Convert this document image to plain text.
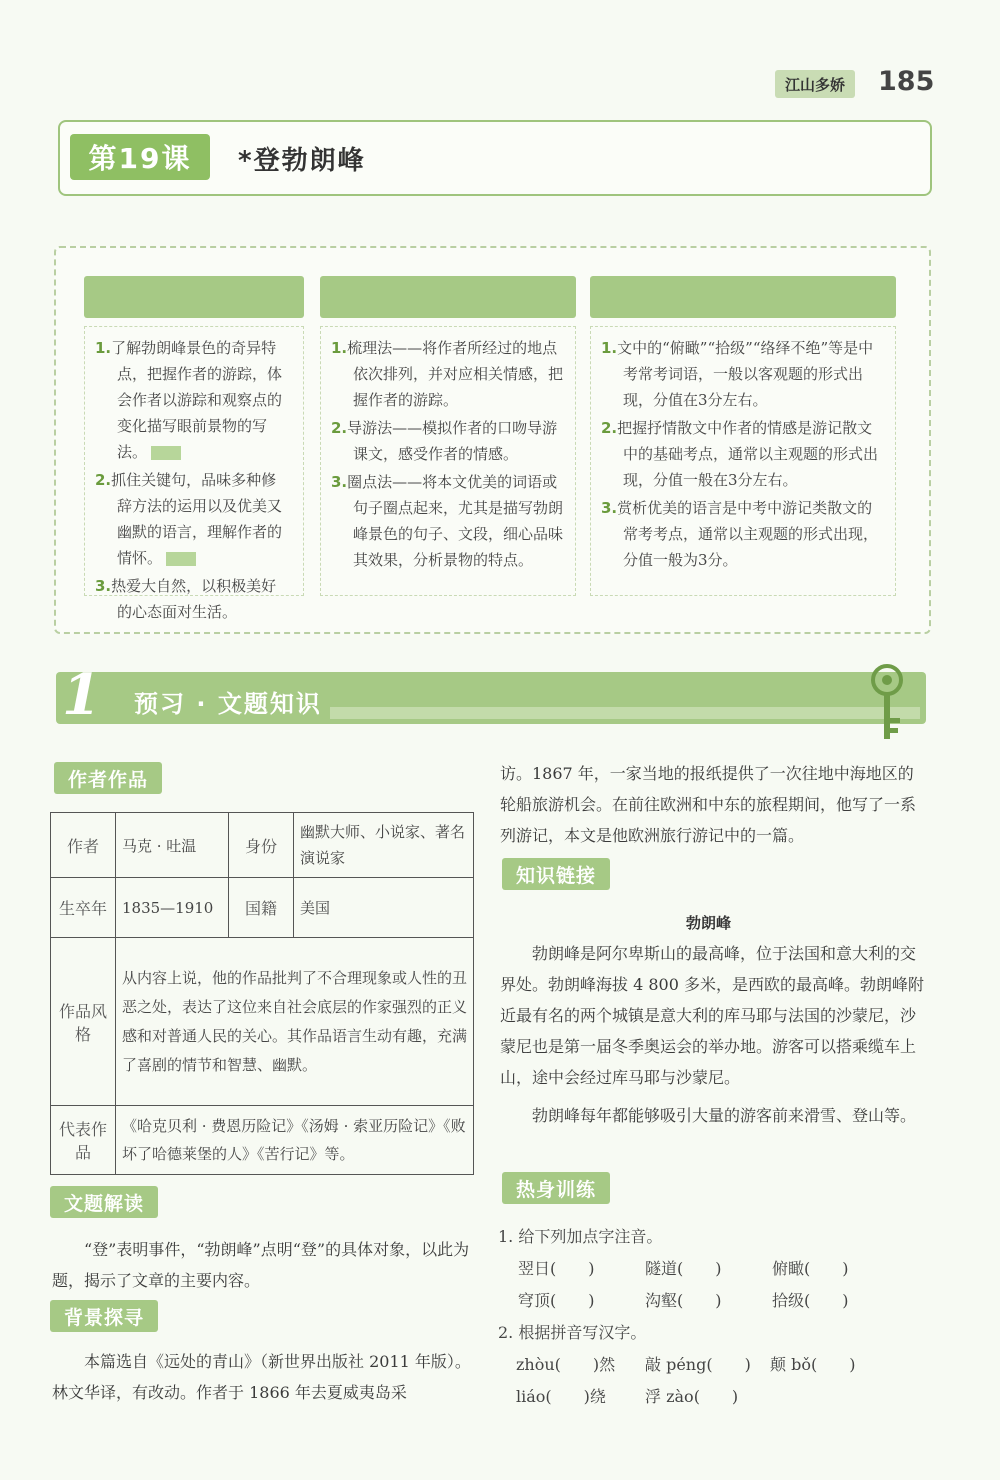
江山多娇	185
第19课	*登勃朗峰

1.了解勃朗峰景色的奇异特点，把握作者的游踪，体会作者以游踪和观察点的变化描写眼前景物的写法。

2.抓住关键句，品味多种修辞方法的运用以及优美又幽默的语言，理解作者的情怀。

3.热爱大自然，以积极美好的心态面对生活。

1.梳理法——将作者所经过的地点依次排列，并对应相关情感，把握作者的游踪。

2.导游法——模拟作者的口吻导游课文，感受作者的情感。

3.圈点法——将本文优美的词语或句子圈点起来，尤其是描写勃朗峰景色的句子、文段，细心品味其效果，分析景物的特点。

1.文中的“俯瞰”“拾级”“络绎不绝”等是中考常考词语，一般以客观题的形式出现，分值在3分左右。

2.把握抒情散文中作者的情感是游记散文中的基础考点，通常以主观题的形式出现，分值一般在3分左右。

3.赏析优美的语言是中考中游记类散文的常考考点，通常以主观题的形式出现，分值一般为3分。

1 预习 · 文题知识
作者作品
作者	马克 · 吐温	身份	幽默大师、小说家、著名演说家
生卒年	1835—1910	国籍	美国
作品风格	从内容上说，他的作品批判了不合理现象或人性的丑恶之处，表达了这位来自社会底层的作家强烈的正义感和对普通人民的关心。其作品语言生动有趣，充满了喜剧的情节和智慧、幽默。		
代表作品	《哈克贝利 · 费恩历险记》《汤姆 · 索亚历险记》《败坏了哈德莱堡的人》《苦行记》等。		
文题解读
“登”表明事件，“勃朗峰”点明“登”的具体对象，以此为题，揭示了文章的主要内容。
背景探寻
本篇选自《远处的青山》（新世界出版社 2011 年版）。林文华译，有改动。作者于 1866 年去夏威夷岛采
访。1867 年，一家当地的报纸提供了一次往地中海地区的轮船旅游机会。在前往欧洲和中东的旅程期间，他写了一系列游记，本文是他欧洲旅行游记中的一篇。
知识链接
勃朗峰
勃朗峰是阿尔卑斯山的最高峰，位于法国和意大利的交界处。勃朗峰海拔 4 800 多米，是西欧的最高峰。勃朗峰附近最有名的两个城镇是意大利的库马耶与法国的沙蒙尼，沙蒙尼也是第一届冬季奥运会的举办地。游客可以搭乘缆车上山，途中会经过库马耶与沙蒙尼。
勃朗峰每年都能够吸引大量的游客前来滑雪、登山等。
热身训练
1. 给下列加点字注音。
翌日(　　)	隧道(　　)	俯瞰(　　)
穹顶(　　)	沟壑(　　)	拾级(　　)
2. 根据拼音写汉字。
zhòu(　　)然 敲 péng(　　) 颠 bǒ(　　)
liáo(　　)绕 浮 zào(　　)
